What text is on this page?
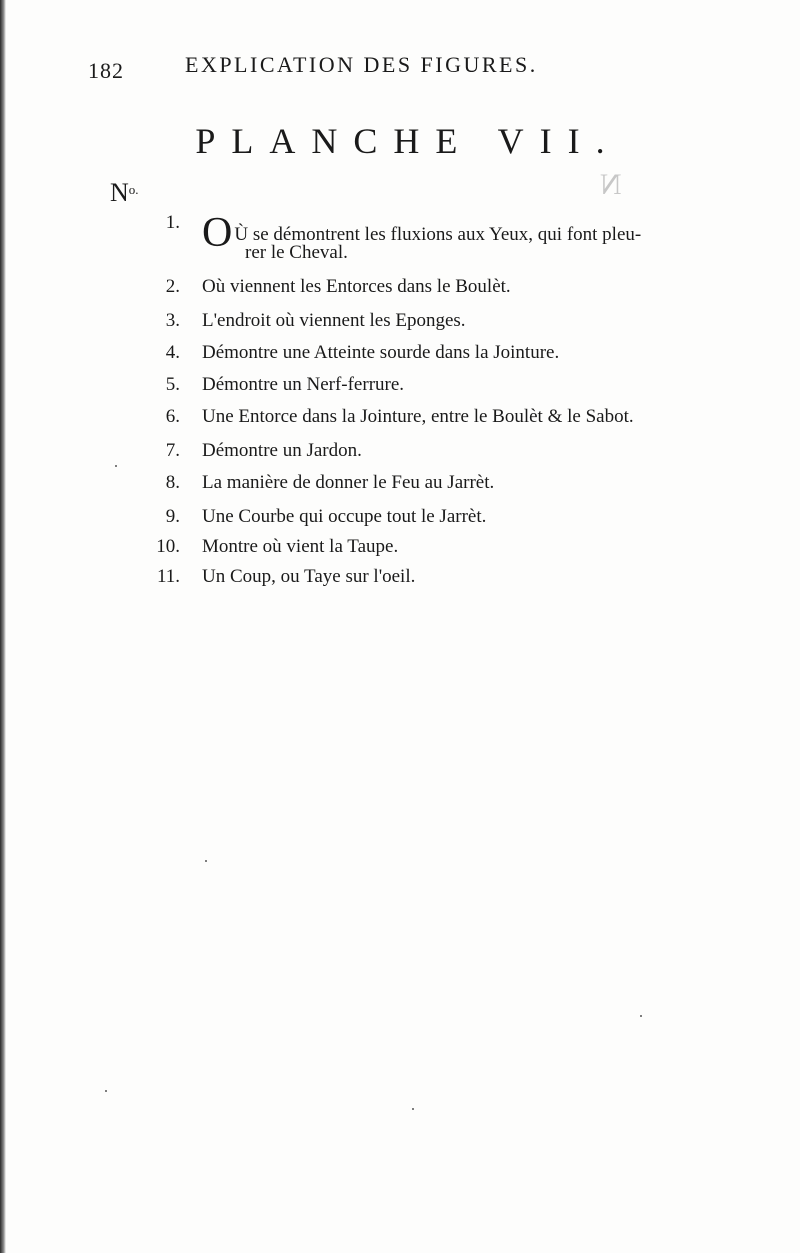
182	EXPLICATION DES FIGURES.
PLANCHE VII.
$N^{o.}$	N
1. O Ù se démontrent les fluxions aux Yeux, qui font pleu-
rer le Cheval.
2. Où viennent les Entorces dans le Boulèt.
3. L'endroit où viennent les Eponges.
4. Démontre une Atteinte sourde dans la Jointure.
5. Démontre un Nerf-ferrure.
6. Une Entorce dans la Jointure, entre le Boulèt & le Sabot.
7. Démontre un Jardon.
8. La manière de donner le Feu au Jarrèt.
9. Une Courbe qui occupe tout le Jarrèt.
10. Montre où vient la Taupe.
11. Un Coup, ou Taye sur l'oeil.
